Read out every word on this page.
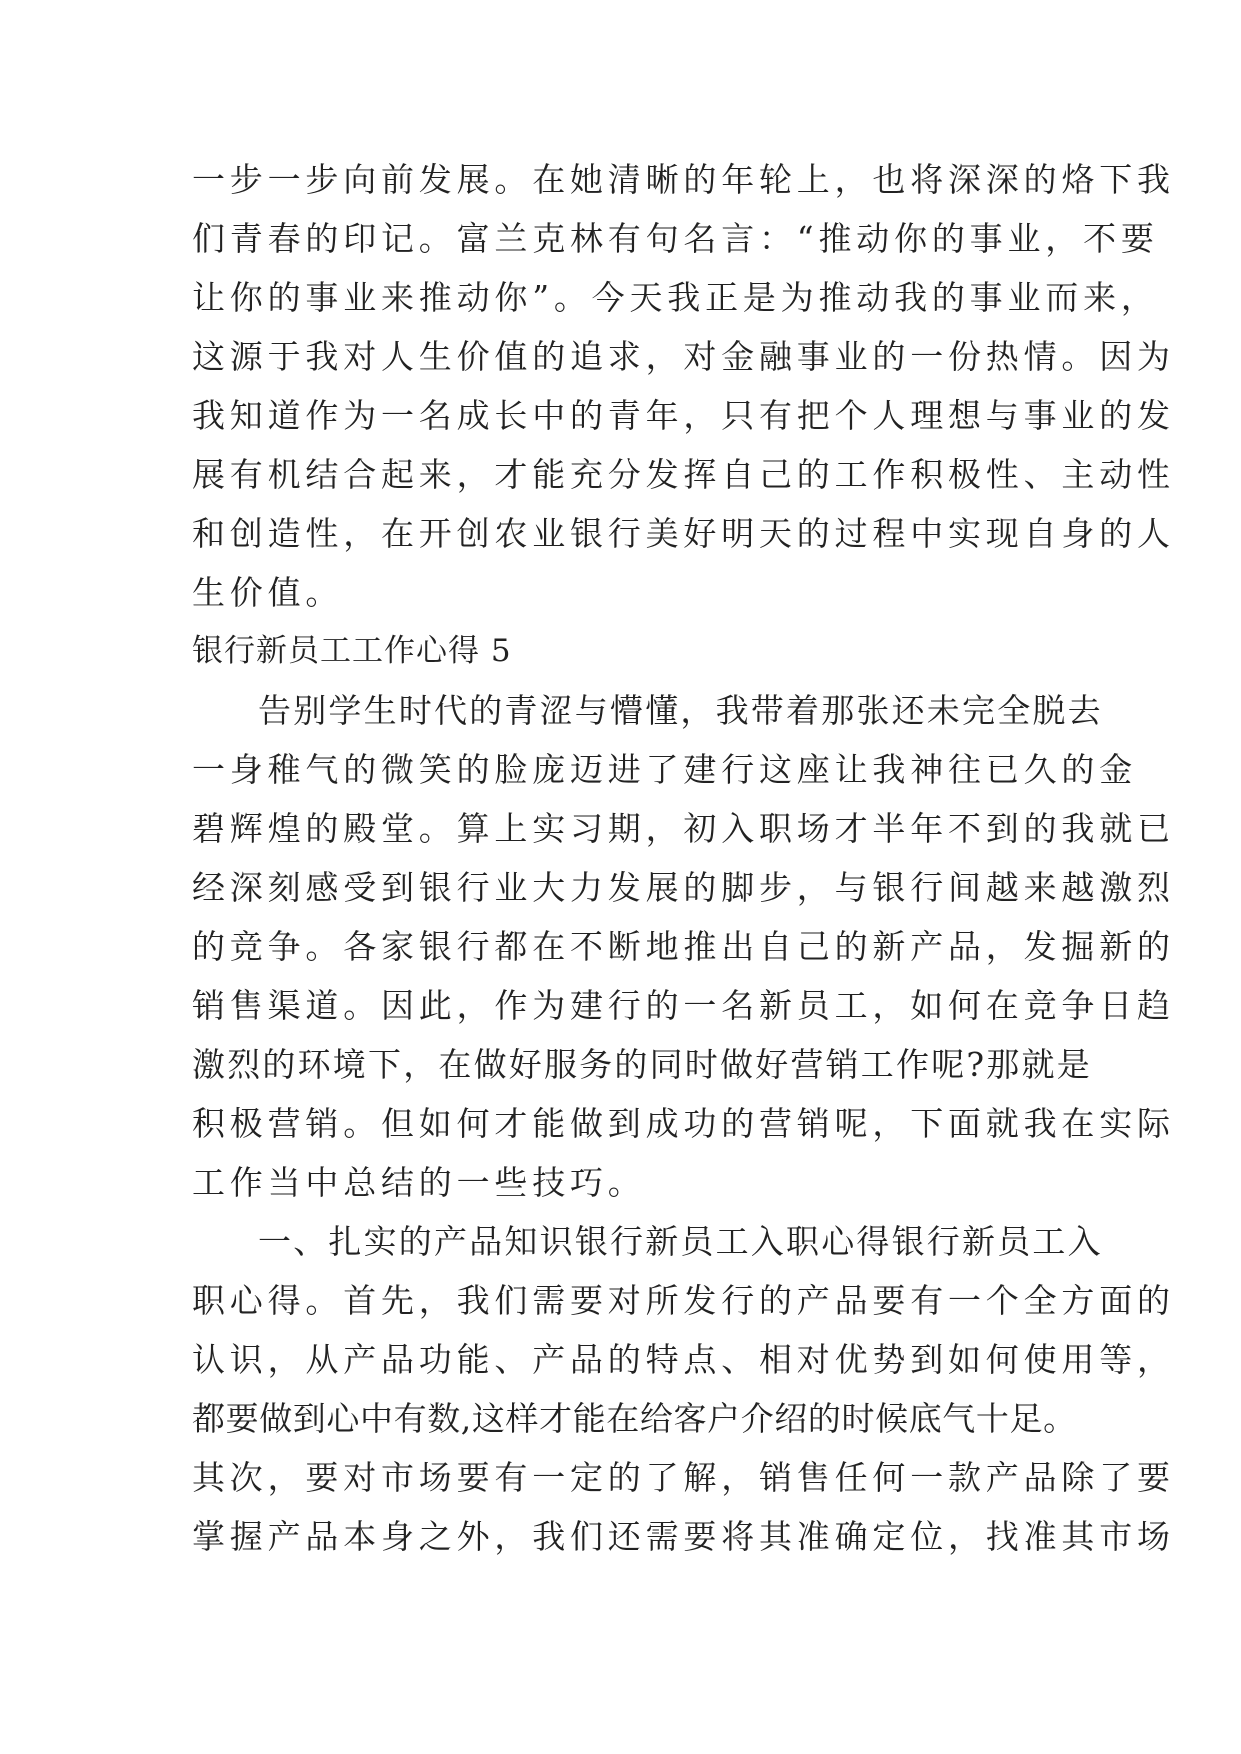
一步一步向前发展。在她清晰的年轮上，也将深深的烙下我
们青春的印记。富兰克林有句名言：“推动你的事业，不要
让你的事业来推动你”。今天我正是为推动我的事业而来，
这源于我对人生价值的追求，对金融事业的一份热情。因为
我知道作为一名成长中的青年，只有把个人理想与事业的发
展有机结合起来，才能充分发挥自己的工作积极性、主动性
和创造性，在开创农业银行美好明天的过程中实现自身的人
生价值。
银行新员工工作心得 5
告别学生时代的青涩与懵懂，我带着那张还未完全脱去
一身稚气的微笑的脸庞迈进了建行这座让我神往已久的金
碧辉煌的殿堂。算上实习期，初入职场才半年不到的我就已
经深刻感受到银行业大力发展的脚步，与银行间越来越激烈
的竞争。各家银行都在不断地推出自己的新产品，发掘新的
销售渠道。因此，作为建行的一名新员工，如何在竞争日趋
激烈的环境下，在做好服务的同时做好营销工作呢?那就是
积极营销。但如何才能做到成功的营销呢，下面就我在实际
工作当中总结的一些技巧。
一、扎实的产品知识银行新员工入职心得银行新员工入
职心得。首先，我们需要对所发行的产品要有一个全方面的
认识，从产品功能、产品的特点、相对优势到如何使用等，
都要做到心中有数,这样才能在给客户介绍的时候底气十足。
其次，要对市场要有一定的了解，销售任何一款产品除了要
掌握产品本身之外，我们还需要将其准确定位，找准其市场
